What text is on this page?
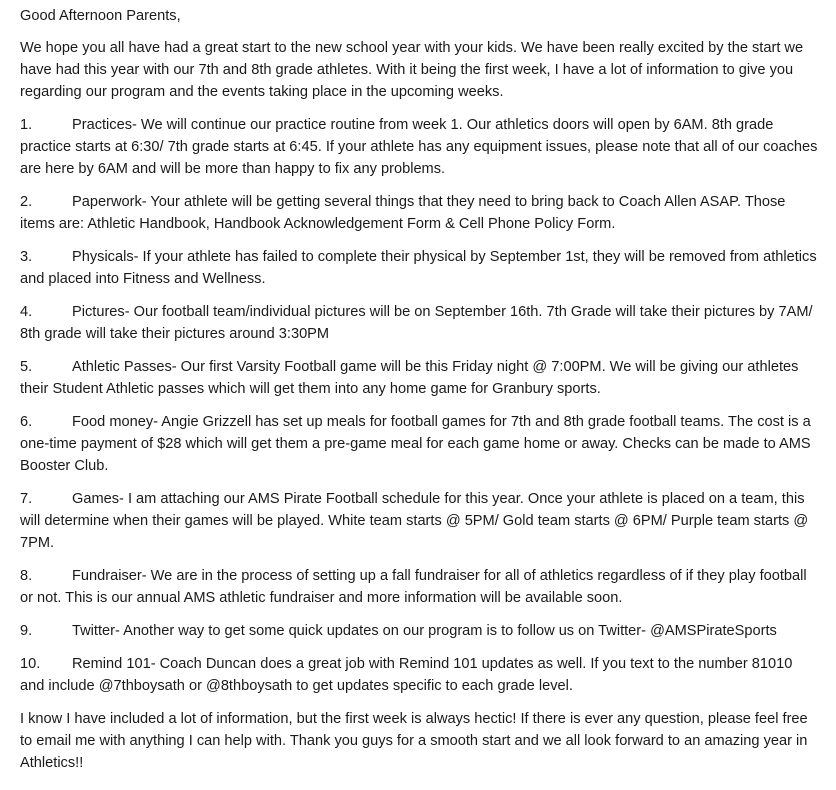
Good Afternoon Parents,

We hope you all have had a great start to the new school year with your kids. We have been really excited by the start we have had this year with our 7th and 8th grade athletes. With it being the first week, I have a lot of information to give you regarding our program and the events taking place in the upcoming weeks.

1.	Practices- We will continue our practice routine from week 1. Our athletics doors will open by 6AM. 8th grade practice starts at 6:30/ 7th grade starts at 6:45. If your athlete has any equipment issues, please note that all of our coaches are here by 6AM and will be more than happy to fix any problems.
2.	Paperwork- Your athlete will be getting several things that they need to bring back to Coach Allen ASAP. Those items are: Athletic Handbook, Handbook Acknowledgement Form & Cell Phone Policy Form.
3.	Physicals- If your athlete has failed to complete their physical by September 1st, they will be removed from athletics and placed into Fitness and Wellness.
4.	Pictures- Our football team/individual pictures will be on September 16th. 7th Grade will take their pictures by 7AM/ 8th grade will take their pictures around 3:30PM
5.	Athletic Passes- Our first Varsity Football game will be this Friday night @ 7:00PM. We will be giving our athletes their Student Athletic passes which will get them into any home game for Granbury sports.
6.	Food money- Angie Grizzell has set up meals for football games for 7th and 8th grade football teams. The cost is a one-time payment of $28 which will get them a pre-game meal for each game home or away. Checks can be made to AMS Booster Club.
7.	Games- I am attaching our AMS Pirate Football schedule for this year. Once your athlete is placed on a team, this will determine when their games will be played. White team starts @ 5PM/ Gold team starts @ 6PM/ Purple team starts @ 7PM.
8.	Fundraiser- We are in the process of setting up a fall fundraiser for all of athletics regardless of if they play football or not. This is our annual AMS athletic fundraiser and more information will be available soon.
9.	Twitter- Another way to get some quick updates on our program is to follow us on Twitter- @AMSPirateSports
10. Remind 101- Coach Duncan does a great job with Remind 101 updates as well. If you text to the number 81010 and include @7thboysath or @8thboysath to get updates specific to each grade level.

I know I have included a lot of information, but the first week is always hectic! If there is ever any question, please feel free to email me with anything I can help with. Thank you guys for a smooth start and we all look forward to an amazing year in Athletics!!
